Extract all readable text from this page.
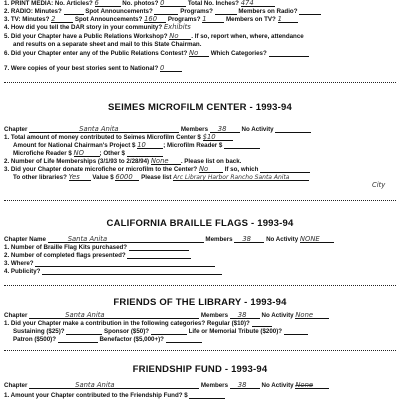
1. PRINT MEDIA: No. Articles? 6	No. photos? 0	Total No. Inches? 474
2. RADIO: Minutes?	Spot Announcements?	Programs?	Members on Radio?
3. TV: Minutes? 2	Spot Announcements? 160 Programs? 1	Members on TV? 1
4. How did you tell the DAR story in your community? Exhibits
5. Did your Chapter have a Public Relations Workshop? No . If so, report when, where, attendance
and results on a separate sheet and mail to this State Chairman.
6. Did your Chapter enter any of the Public Relations Contest? No Which Categories?
7. Were copies of your best stories sent to National? 0
SEIMES MICROFILM CENTER - 1993-94
Chapter	Santa Anita	Members 38 No Activity
1. Total amount of money contributed to Seimes Microfilm Center $ $10
Amount for National Chairman's Project $ 10	; Microfilm Reader $
Microfiche Reader $ NO	; Other $
2. Number of Life Memberships (3/1/93 to 2/28/94) None . Please list on back.
3. Did your Chapter donate microfiche or microfilm to the Center? No	If so, which
To other libraries? Yes Value $ 6000 Please list Arc Library Harbor Rancho Santa Anita
City
CALIFORNIA BRAILLE FLAGS - 1993-94
Chapter Name	Santa Anita	Members 38 No Activity NONE
1. Number of Braille Flag Kits purchased?
2. Number of completed flags presented?
3. Where?
4. Publicity?
FRIENDS OF THE LIBRARY - 1993-94
Chapter	Santa Anita	Members 38 No Activity None
1. Did your Chapter make a contribution in the following categories? Regular ($10)?
Sustaining ($25)?	Sponsor ($50)?	Life or Memorial Tribute ($200)?
Patron ($500)?	Benefactor ($5,000+)?
FRIENDSHIP FUND - 1993-94
Chapter	Santa Anita	Members 38 No Activity None
1. Amount your Chapter contributed to the Friendship Fund? $
